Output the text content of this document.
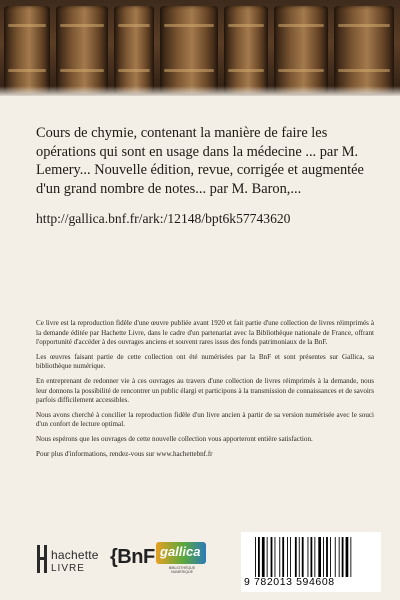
Cours de chymie, contenant la manière de faire les opérations qui sont en usage dans la médecine ... par M. Lemery... Nouvelle édition, revue, corrigée et augmentée d'un grand nombre de notes... par M. Baron,...
http://gallica.bnf.fr/ark:/12148/bpt6k57743620

Ce livre est la reproduction fidèle d'une œuvre publiée avant 1920 et fait partie d'une collection de livres réimprimés à la demande éditée par Hachette Livre, dans le cadre d'un partenariat avec la Bibliothèque nationale de France, offrant l'opportunité d'accéder à des ouvrages anciens et souvent rares issus des fonds patrimoniaux de la BnF.

Les œuvres faisant partie de cette collection ont été numérisées par la BnF et sont présentes sur Gallica, sa bibliothèque numérique.

En entreprenant de redonner vie à ces ouvrages au travers d'une collection de livres réimprimés à la demande, nous leur donnons la possibilité de rencontrer un public élargi et participons à la transmission de connaissances et de savoirs parfois difficilement accessibles.

Nous avons cherché à concilier la reproduction fidèle d'un livre ancien à partir de sa version numérisée avec le souci d'un confort de lecture optimal.

Nous espérons que les ouvrages de cette nouvelle collection vous apporteront entière satisfaction.

Pour plus d'informations, rendez-vous sur www.hachettebnf.fr

hachette
LIVRE
{BnF gallica
BIBLIOTHÈQUE NUMÉRIQUE
9 782013 594608
